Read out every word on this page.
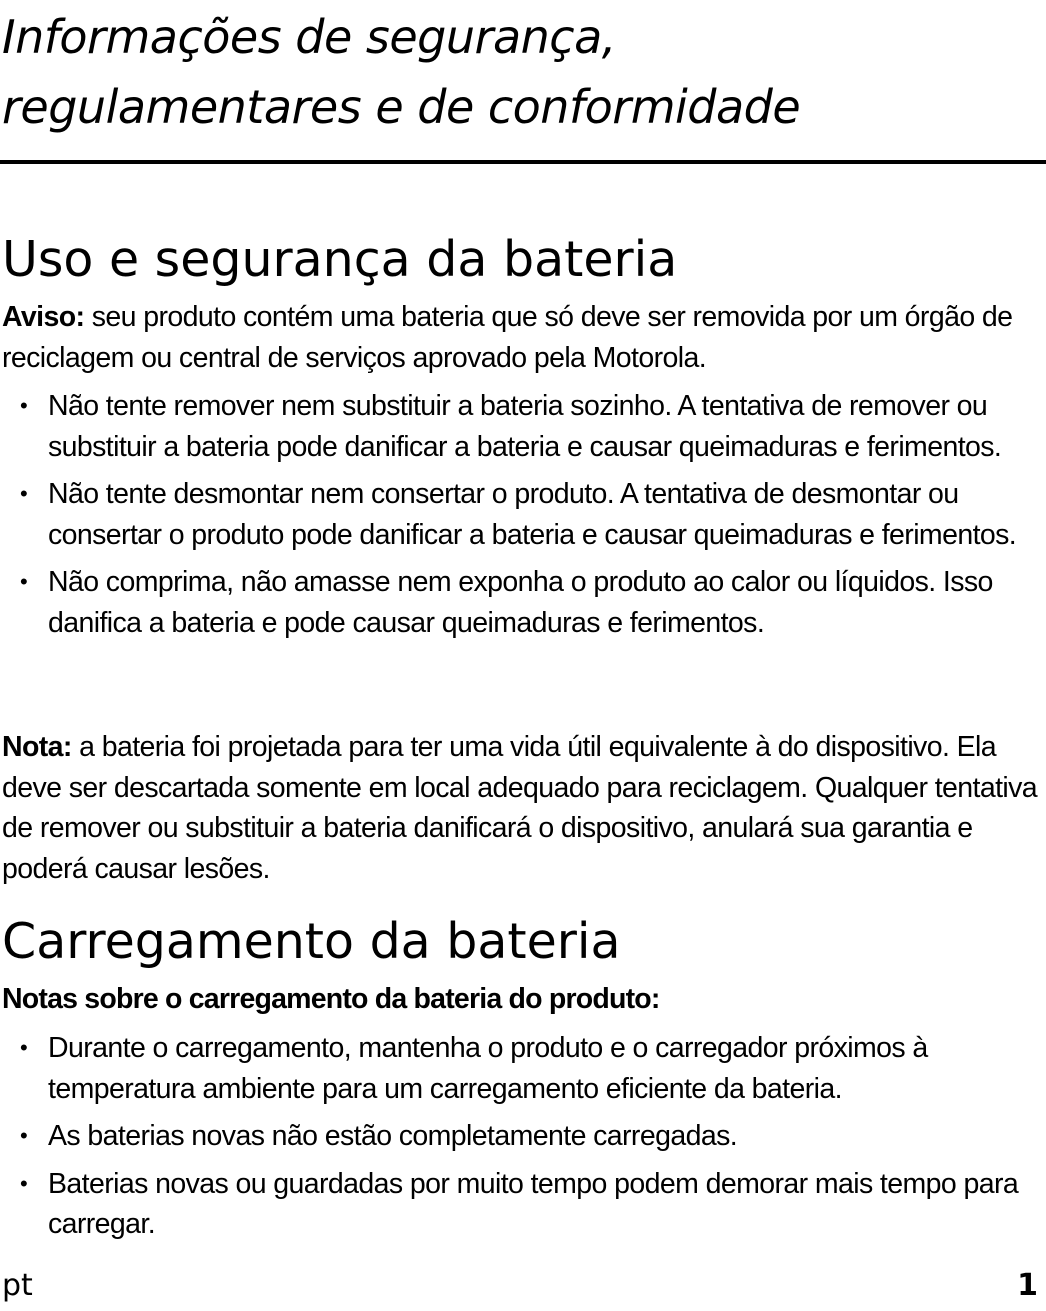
Informações de segurança,
regulamentares e de conformidade
Uso e segurança da bateria

Aviso: seu produto contém uma bateria que só deve ser removida por um órgão de reciclagem ou central de serviços aprovado pela Motorola.

• Não tente remover nem substituir a bateria sozinho. A tentativa de remover ou substituir a bateria pode danificar a bateria e causar queimaduras e ferimentos.
• Não tente desmontar nem consertar o produto. A tentativa de desmontar ou consertar o produto pode danificar a bateria e causar queimaduras e ferimentos.
• Não comprima, não amasse nem exponha o produto ao calor ou líquidos. Isso danifica a bateria e pode causar queimaduras e ferimentos.

Nota: a bateria foi projetada para ter uma vida útil equivalente à do dispositivo. Ela deve ser descartada somente em local adequado para reciclagem. Qualquer tentativa de remover ou substituir a bateria danificará o dispositivo, anulará sua garantia e poderá causar lesões.

Carregamento da bateria

Notas sobre o carregamento da bateria do produto:

• Durante o carregamento, mantenha o produto e o carregador próximos à temperatura ambiente para um carregamento eficiente da bateria.
• As baterias novas não estão completamente carregadas.
• Baterias novas ou guardadas por muito tempo podem demorar mais tempo para carregar.
pt	1
